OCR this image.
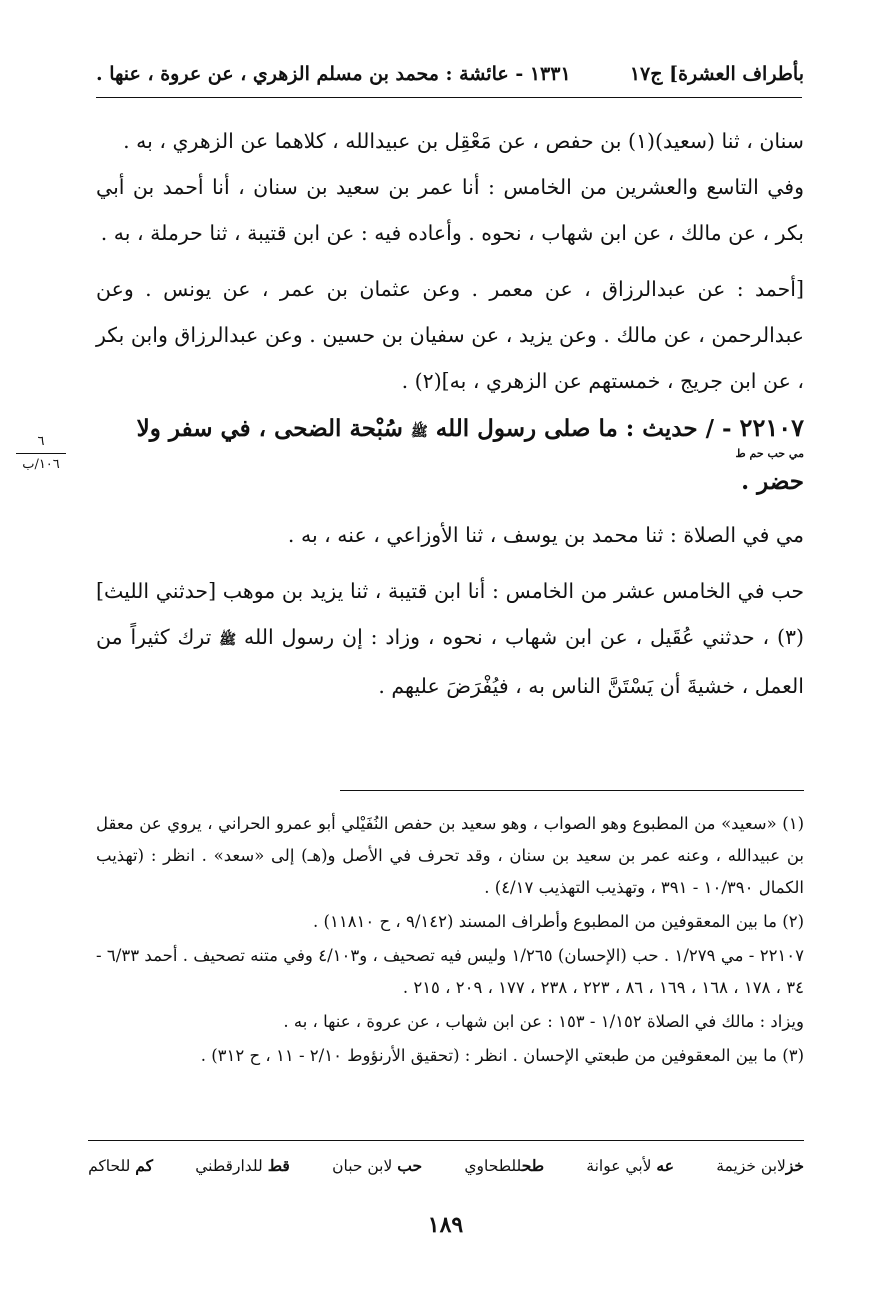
بأطراف العشرة] ج١٧
١٣٣١ - عائشة : محمد بن مسلم الزهري ، عن عروة ، عنها .
٦
١٠٦/ب

سنان ، ثنا (سعيد)(١) بن حفص ، عن مَعْقِل بن عبيدالله ، كلاهما عن الزهري ، به .

وفي التاسع والعشرين من الخامس : أنا عمر بن سعيد بن سنان ، أنا أحمد بن أبي بكر ، عن مالك ، عن ابن شهاب ، نحوه . وأعاده فيه : عن ابن قتيبة ، ثنا حرملة ، به .

[أحمد : عن عبدالرزاق ، عن معمر . وعن عثمان بن عمر ، عن يونس . وعن عبدالرحمن ، عن مالك . وعن يزيد ، عن سفيان بن حسين . وعن عبدالرزاق وابن بكر ، عن ابن جريج ، خمستهم عن الزهري ، به](٢) .

٢٢١٠٧ - / حديث : ما صلى رسول الله ﷺ سُبْحة الضحى ، في سفر ولا
مي حب حم ط
حضر .

مي في الصلاة : ثنا محمد بن يوسف ، ثنا الأوزاعي ، عنه ، به .

حب في الخامس عشر من الخامس : أنا ابن قتيبة ، ثنا يزيد بن موهب [حدثني الليث](٣) ، حدثني عُقَيل ، عن ابن شهاب ، نحوه ، وزاد : إن رسول الله ﷺ ترك كثيراً من العمل ، خشيةَ أن يَسْتَنَّ الناس به ، فيُفْرَضَ عليهم .

(١) «سعيد» من المطبوع وهو الصواب ، وهو سعيد بن حفص النُفَيْلي أبو عمرو الحراني ، يروي عن معقل بن عبيدالله ، وعنه عمر بن سعيد بن سنان ، وقد تحرف في الأصل و(هـ) إلى «سعد» . انظر : (تهذيب الكمال ١٠/٣٩٠ - ٣٩١ ، وتهذيب التهذيب ٤/١٧) .

(٢) ما بين المعقوفين من المطبوع وأطراف المسند (٩/١٤٢ ، ح ١١٨١٠) .

٢٢١٠٧ - مي ١/٢٧٩ . حب (الإحسان) ١/٢٦٥ وليس فيه تصحيف ، و٤/١٠٣ وفي متنه تصحيف . أحمد ٦/٣٣ - ٣٤ ، ١٧٨ ، ١٦٨ ، ١٦٩ ، ٨٦ ، ٢٢٣ ، ٢٣٨ ، ١٧٧ ، ٢٠٩ ، ٢١٥ .

ويزاد : مالك في الصلاة ١/١٥٢ - ١٥٣ : عن ابن شهاب ، عن عروة ، عنها ، به .

(٣) ما بين المعقوفين من طبعتي الإحسان . انظر : (تحقيق الأرنؤوط ٢/١٠ - ١١ ، ح ٣١٢) .

خزلابن خزيمة
عه لأبي عوانة
طحللطحاوي
حب لابن حبان
قط للدارقطني
كم للحاكم
١٨٩
